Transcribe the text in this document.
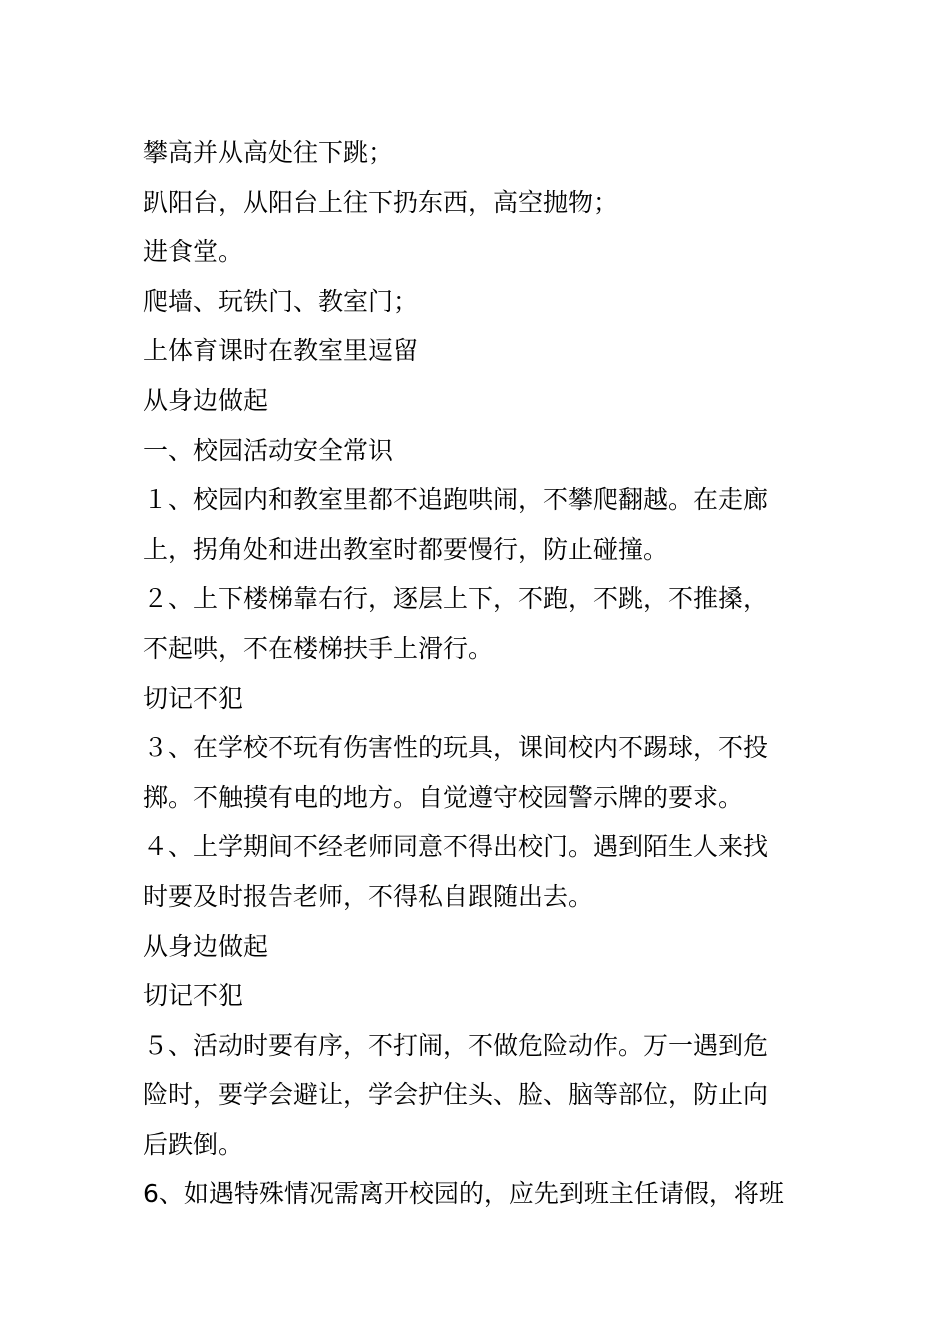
攀高并从高处往下跳；
趴阳台，从阳台上往下扔东西，高空抛物；
进食堂。
爬墙、玩铁门、教室门；
上体育课时在教室里逗留
从身边做起
一、校园活动安全常识
１、校园内和教室里都不追跑哄闹，不攀爬翻越。在走廊
上，拐角处和进出教室时都要慢行，防止碰撞。
２、上下楼梯靠右行，逐层上下，不跑，不跳，不推搡，
不起哄，不在楼梯扶手上滑行。
切记不犯
３、在学校不玩有伤害性的玩具，课间校内不踢球，不投
掷。不触摸有电的地方。自觉遵守校园警示牌的要求。
４、上学期间不经老师同意不得出校门。遇到陌生人来找
时要及时报告老师，不得私自跟随出去。
从身边做起
切记不犯
５、活动时要有序，不打闹，不做危险动作。万一遇到危
险时，要学会避让，学会护住头、脸、脑等部位，防止向
后跌倒。
6、如遇特殊情况需离开校园的，应先到班主任请假，将班
